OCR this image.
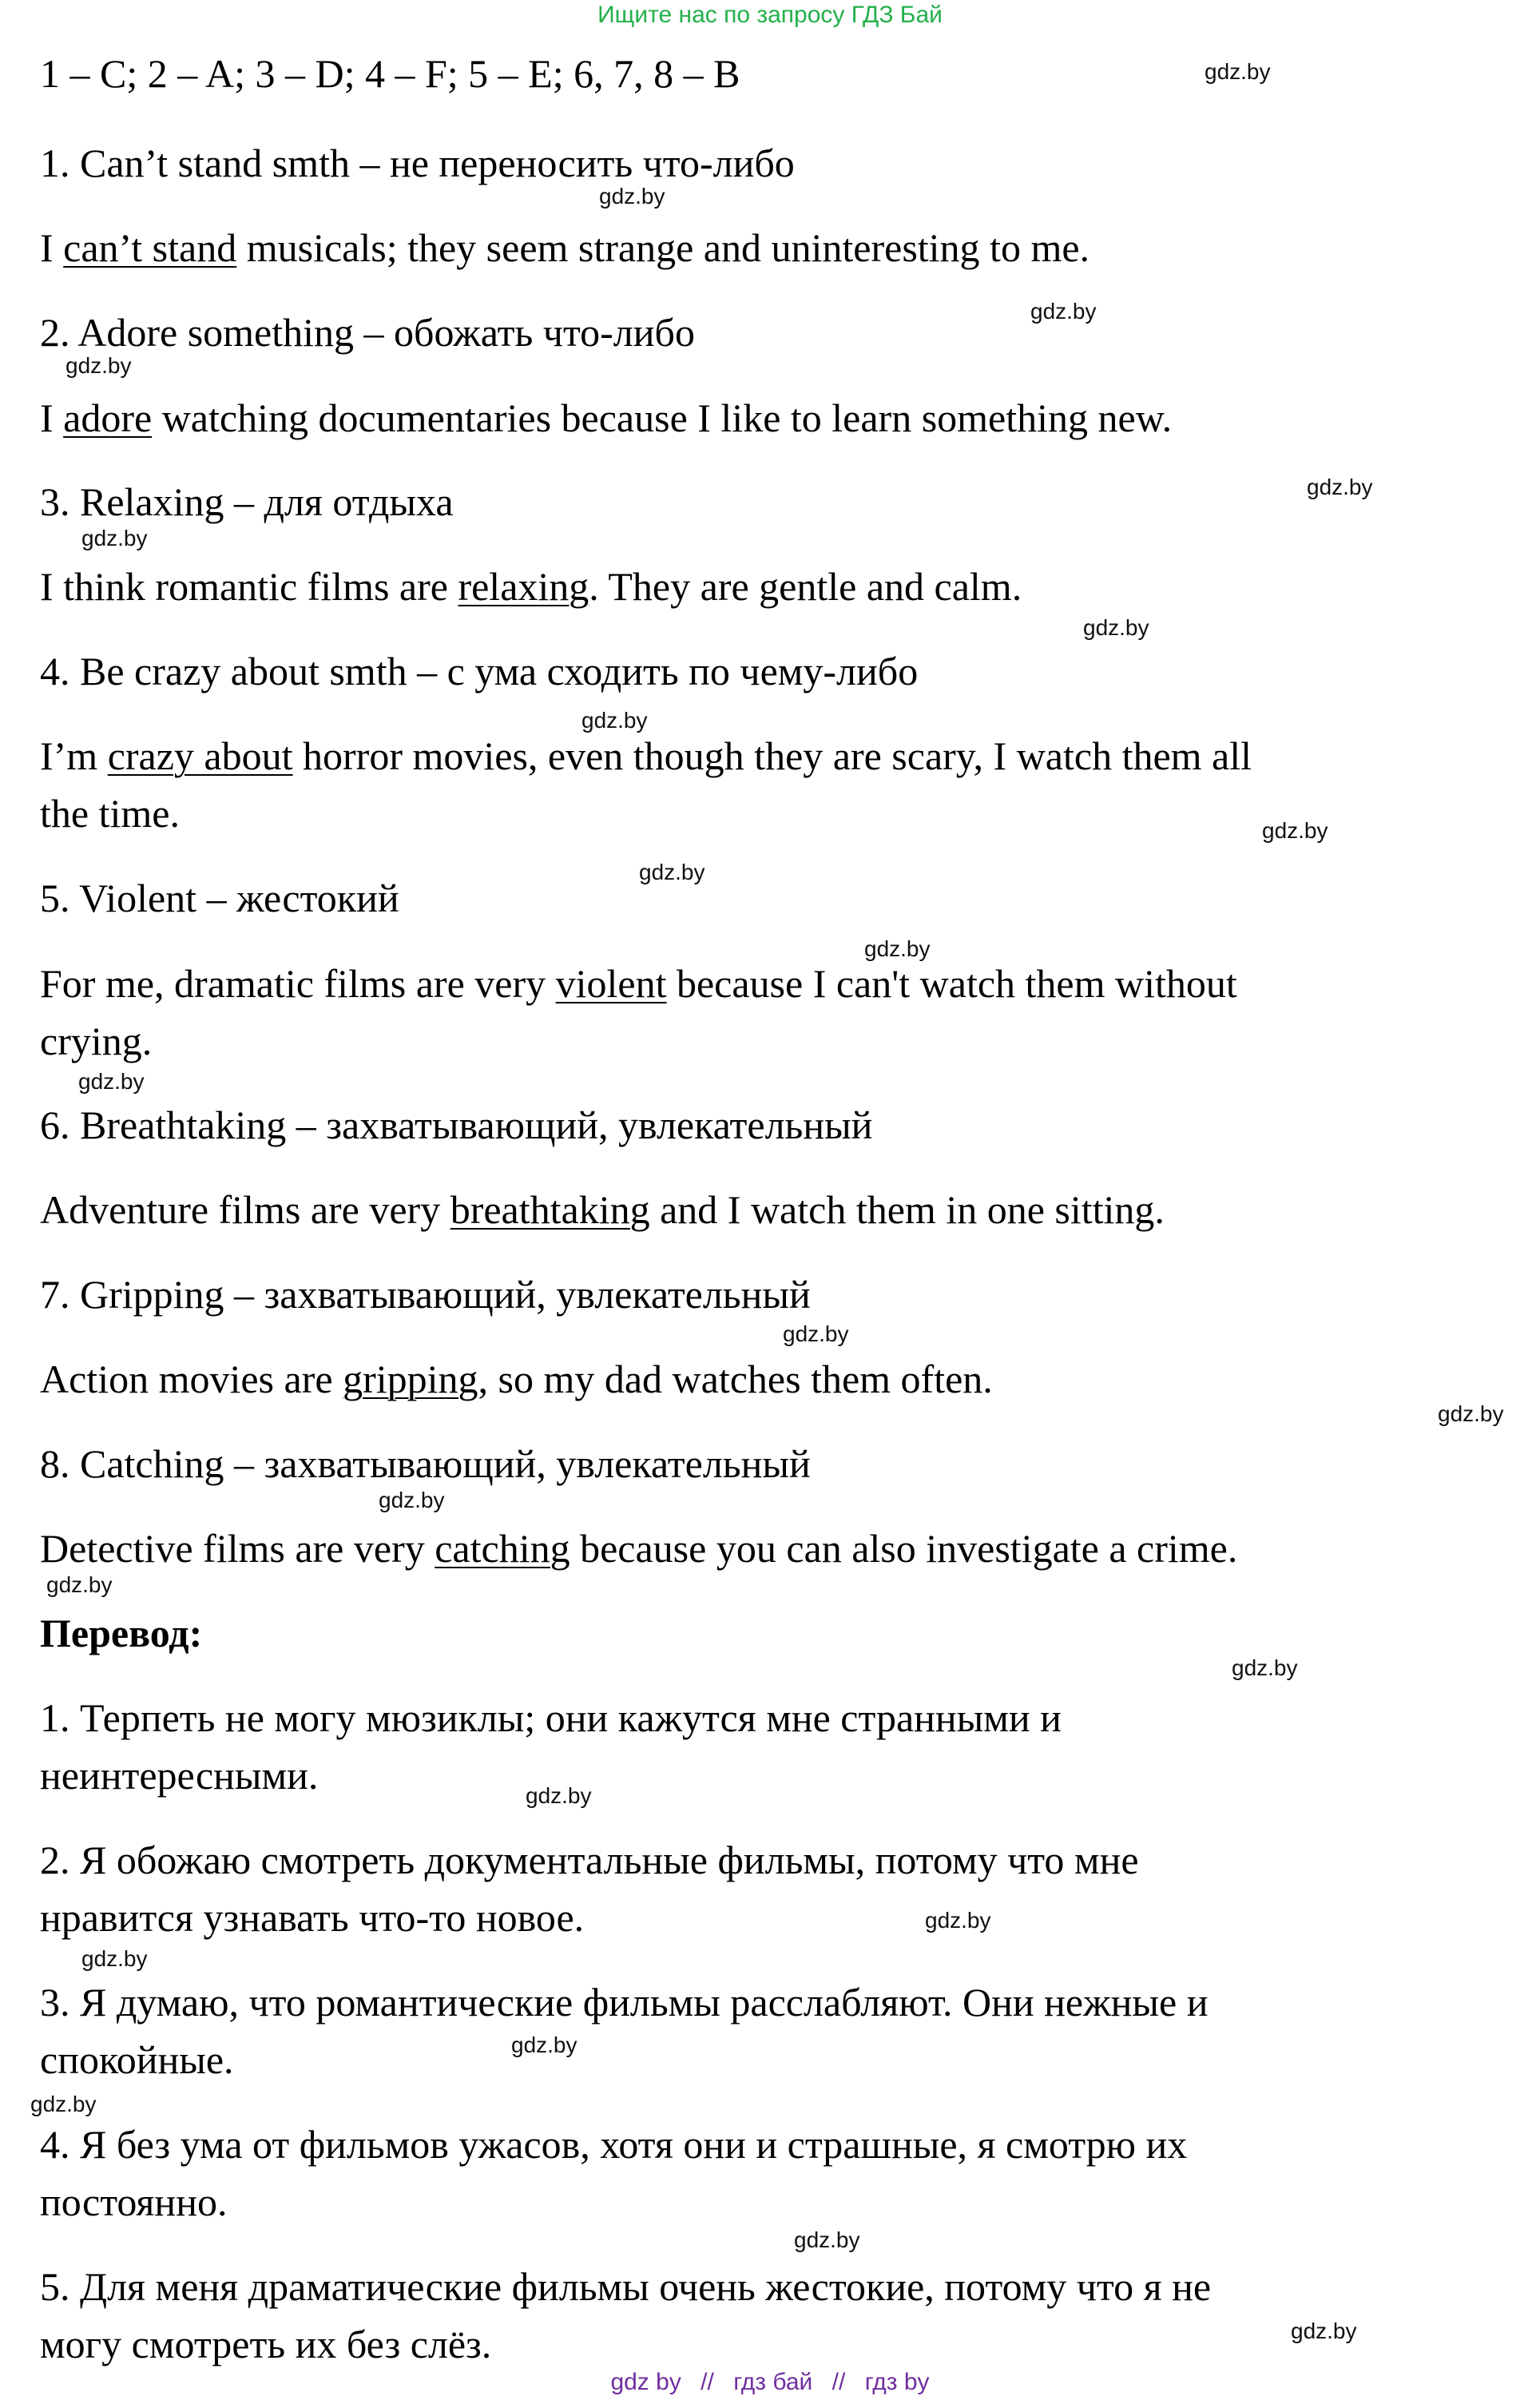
Ищите нас по запросу ГДЗ Бай
1 – C; 2 – A; 3 – D; 4 – F; 5 – E; 6, 7, 8 – B
1. Can’t stand smth – не переносить что-либо
I can’t stand musicals; they seem strange and uninteresting to me.
2. Adore something – обожать что-либо
I adore watching documentaries because I like to learn something new.
3. Relaxing – для отдыха
I think romantic films are relaxing. They are gentle and calm.
4. Be crazy about smth – с ума сходить по чему-либо
I’m crazy about horror movies, even though they are scary, I watch them all
the time.
5. Violent – жестокий
For me, dramatic films are very violent because I can't watch them without
crying.
6. Breathtaking – захватывающий, увлекательный
Adventure films are very breathtaking and I watch them in one sitting.
7. Gripping – захватывающий, увлекательный
Action movies are gripping, so my dad watches them often.
8. Catching – захватывающий, увлекательный
Detective films are very catching because you can also investigate a crime.
Перевод:
1. Терпеть не могу мюзиклы; они кажутся мне странными и
неинтересными.
2. Я обожаю смотреть документальные фильмы, потому что мне
нравится узнавать что-то новое.
3. Я думаю, что романтические фильмы расслабляют. Они нежные и
спокойные.
4. Я без ума от фильмов ужасов, хотя они и страшные, я смотрю их
постоянно.
5. Для меня драматические фильмы очень жестокие, потому что я не
могу смотреть их без слёз.
gdz.by
gdz.by
gdz.by
gdz.by
gdz.by
gdz.by
gdz.by
gdz.by
gdz.by
gdz.by
gdz.by
gdz.by
gdz.by
gdz.by
gdz.by
gdz.by
gdz.by
gdz.by
gdz.by
gdz.by
gdz.by
gdz.by
gdz.by
gdz.by
gdz by // гдз бай // гдз by
